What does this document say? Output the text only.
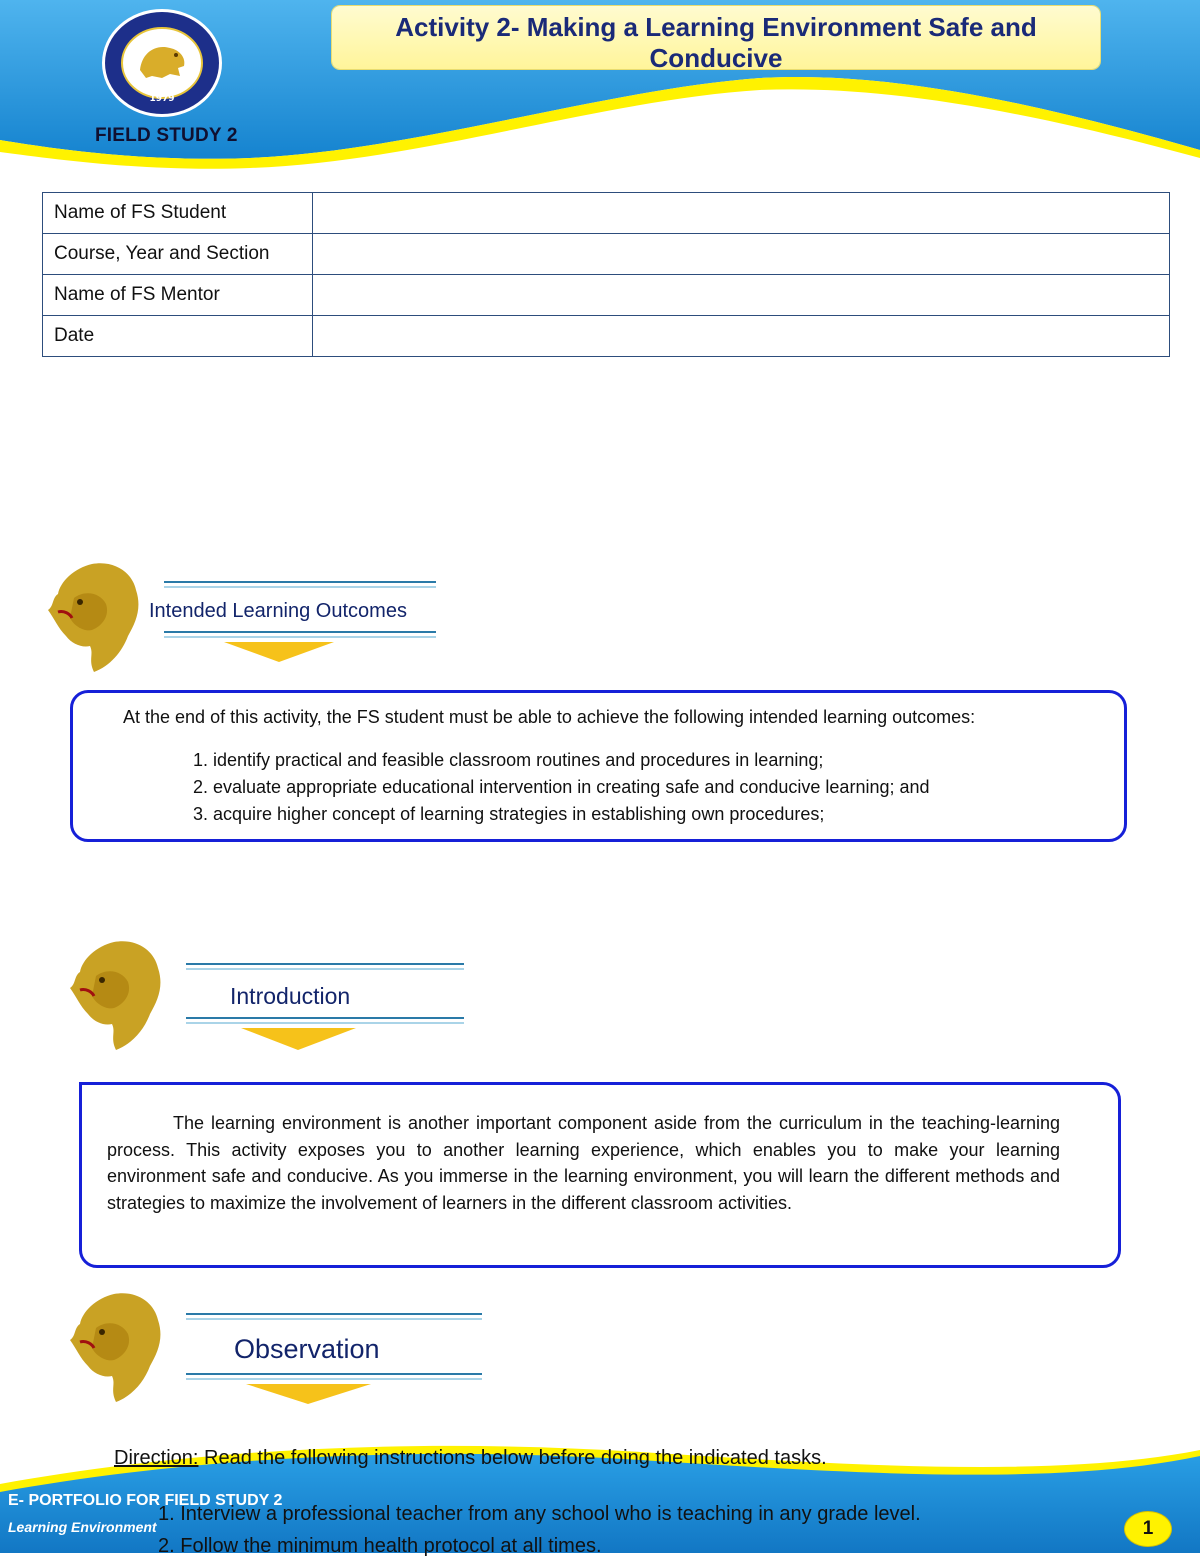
1979
FIELD STUDY 2
Activity 2- Making a Learning Environment Safe and Conducive
Name of FS Student	
Course, Year and Section	
Name of FS Mentor	
Date	
Intended Learning Outcomes
At the end of this activity, the FS student must be able to achieve the following intended learning outcomes:
1. identify practical and feasible classroom routines and procedures in learning;
2. evaluate appropriate educational intervention in creating safe and conducive learning; and
3. acquire higher concept of learning strategies in establishing own procedures;
Introduction
The learning environment is another important component aside from the curriculum in the teaching-learning process. This activity exposes you to another learning experience, which enables you to make your learning environment safe and conducive. As you immerse in the learning environment, you will learn the different methods and strategies to maximize the involvement of learners in the different classroom activities.
Observation
Direction: Read the following instructions below before doing the indicated tasks.
E- PORTFOLIO FOR FIELD STUDY 2
Learning Environment
1. Interview a professional teacher from any school who is teaching in any grade level.
2. Follow the minimum health protocol at all times.
1
